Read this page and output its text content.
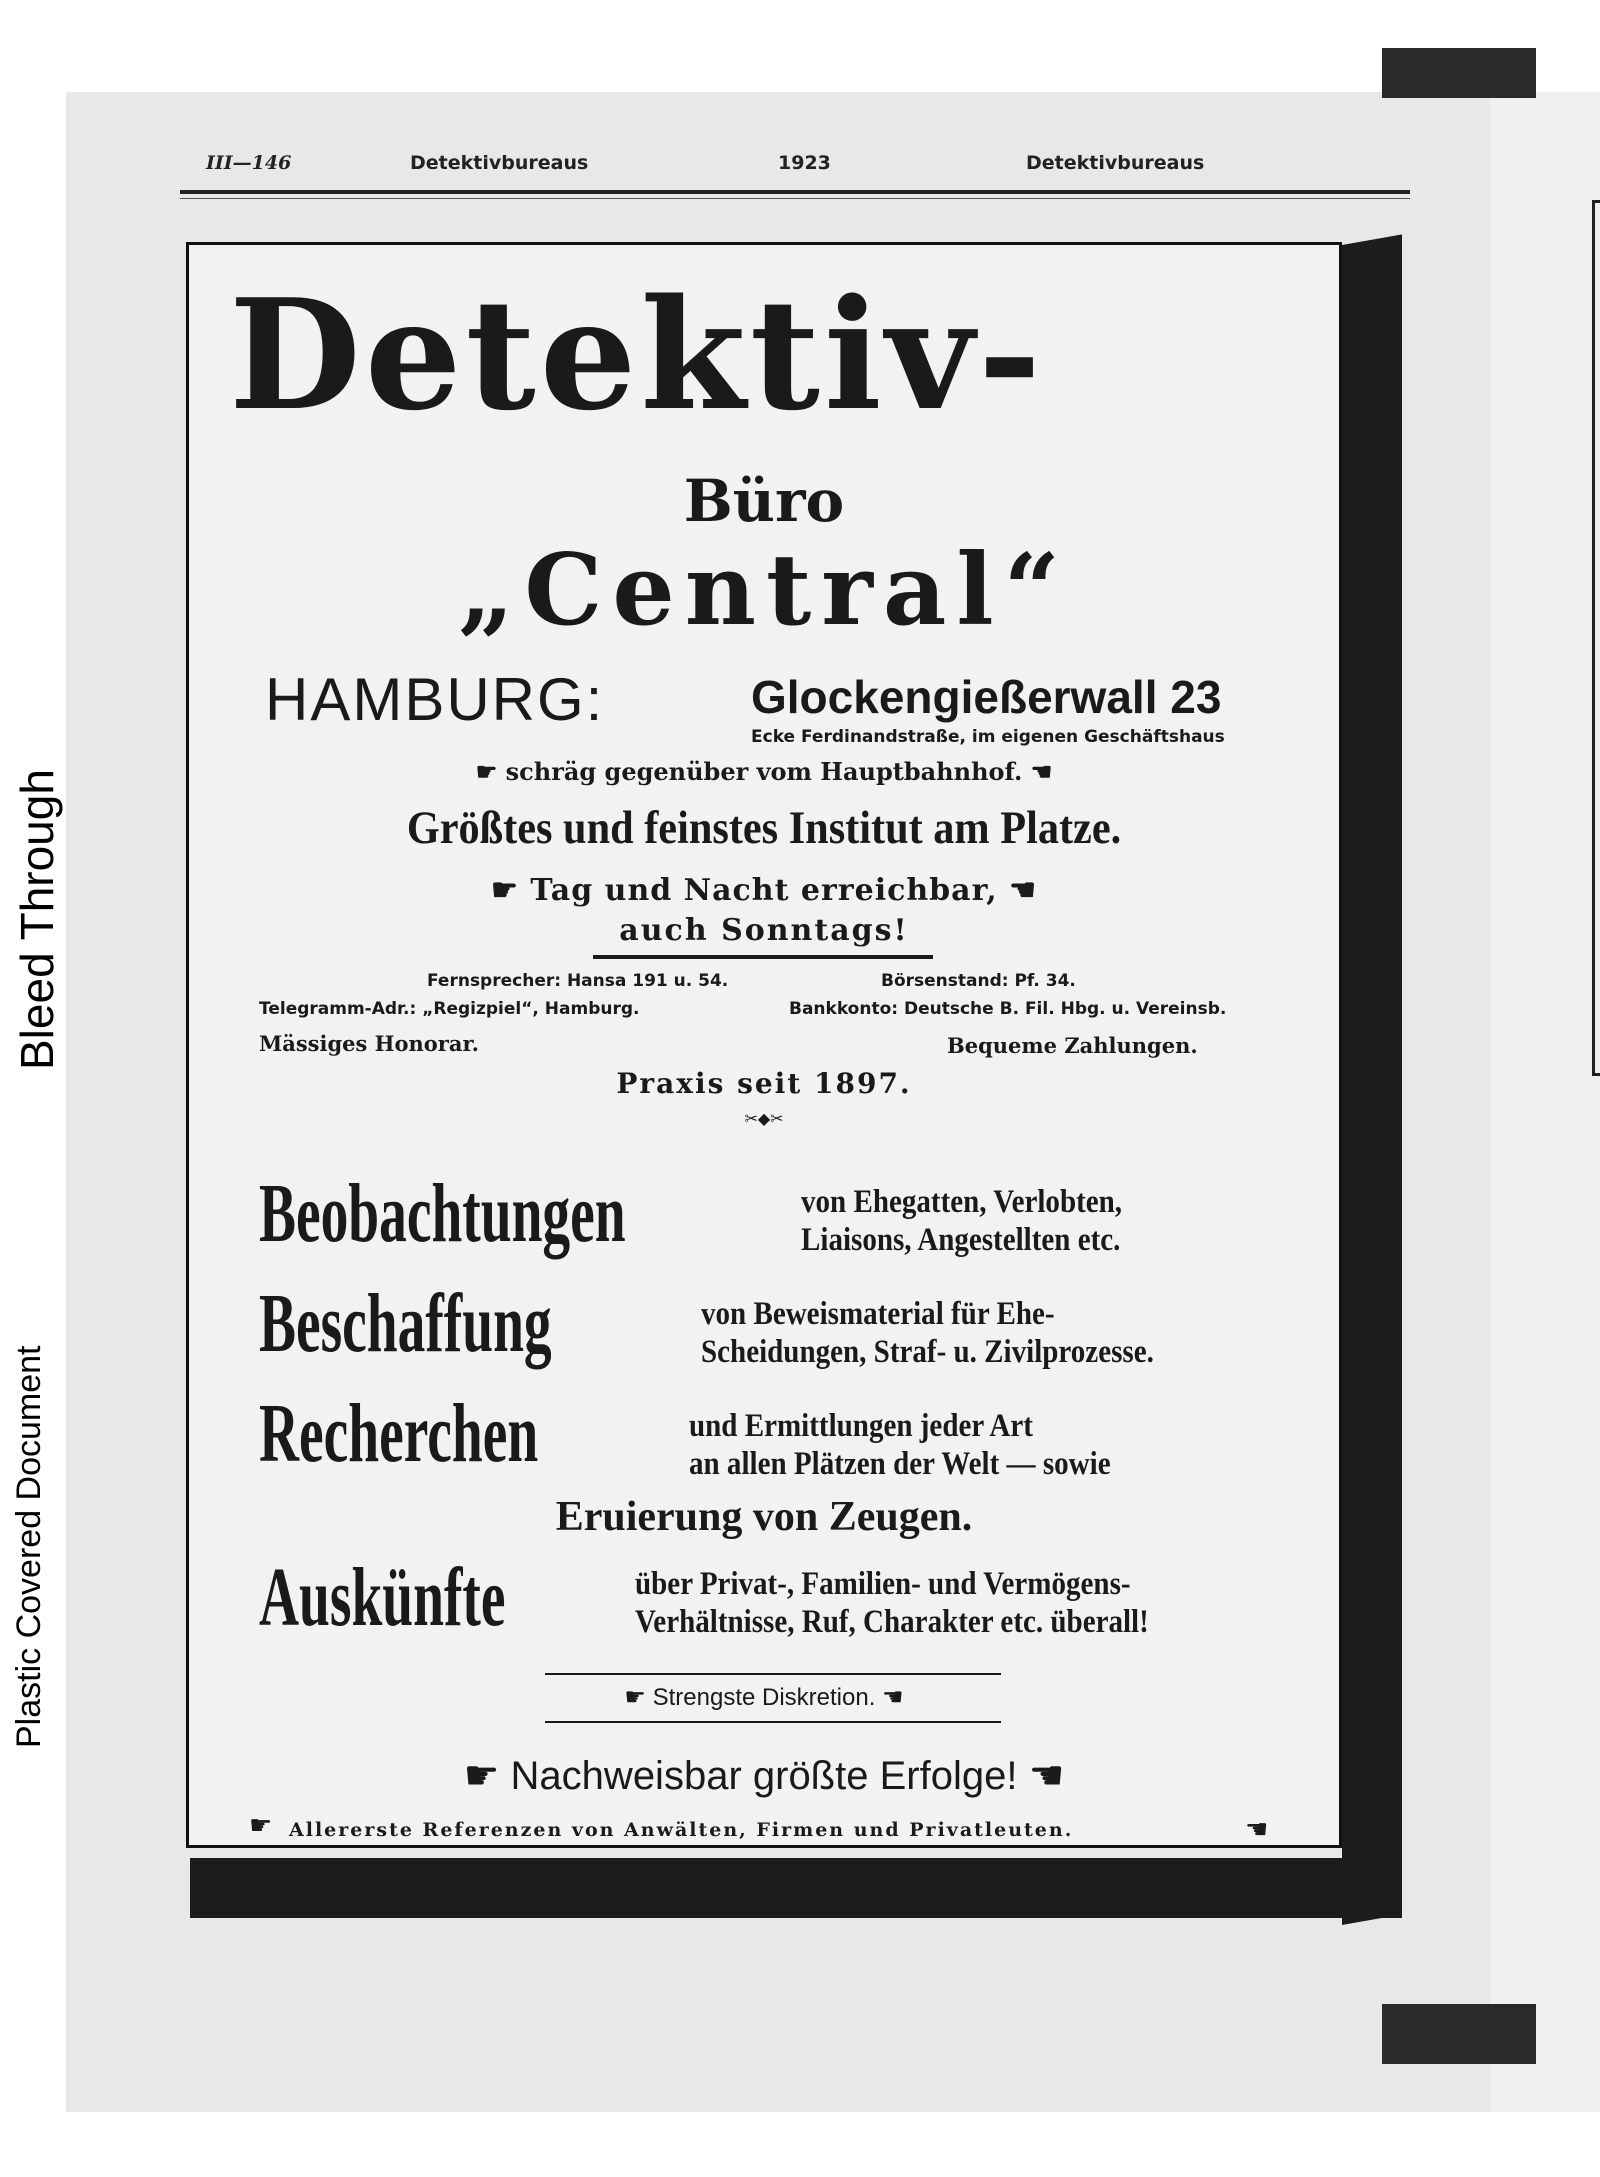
Plastic Covered Document
Bleed Through
III—146	Detektivbureaus	1923	Detektivbureaus
Detektiv-
Büro
„Central“
HAMBURG:	Glockengießerwall 23
Ecke Ferdinandstraße, im eigenen Geschäftshaus
☛ schräg gegenüber vom Hauptbahnhof. ☚
Größtes und feinstes Institut am Platze.
☛ Tag und Nacht erreichbar, ☚
auch Sonntags!
Fernsprecher: Hansa 191 u. 54.	Börsenstand: Pf. 34.
Telegramm-Adr.: „Regizpiel“, Hamburg.	Bankkonto: Deutsche B. Fil. Hbg. u. Vereinsb.
Mässiges Honorar.	Bequeme Zahlungen.
Praxis seit 1897.
✂◆✂
Beobachtungen	von Ehegatten, Verlobten,
Liaisons, Angestellten etc.
Beschaffung	von Beweismaterial für Ehe-
Scheidungen, Straf- u. Zivilprozesse.
Recherchen	und Ermittlungen jeder Art
an allen Plätzen der Welt — sowie
Eruierung von Zeugen.
Auskünfte	über Privat-, Familien- und Vermögens-
Verhältnisse, Ruf, Charakter etc. überall!
☛ Strengste Diskretion. ☚
☛ Nachweisbar größte Erfolge! ☚
☛ Allererste Referenzen von Anwälten, Firmen und Privatleuten.	☚
